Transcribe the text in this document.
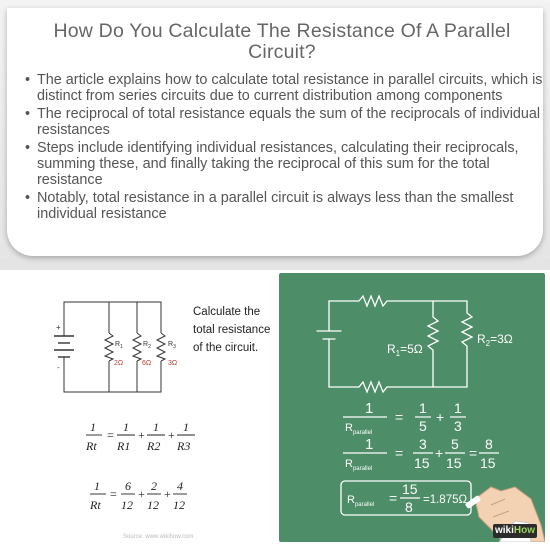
How Do You Calculate The Resistance Of A Parallel Circuit?
• The article explains how to calculate total resistance in parallel circuits, which is distinct from series circuits due to current distribution among components
• The reciprocal of total resistance equals the sum of the reciprocals of individual resistances
• Steps include identifying individual resistances, calculating their reciprocals, summing these, and finally taking the reciprocal of this sum for the total resistance
• Notably, total resistance in a parallel circuit is always less than the smallest individual resistance
+
-
$R_1$
2Ω
$R_2$
6Ω
$R_3$
3Ω
Calculate the
total resistance
of the circuit.
1
Rt
=
1
R1
+
1
R2
+
1
R3
1
Rt
=
6
12
+
2
12
+
4
12
Source: www.wikihow.com
$R_1=5\Omega$
$R_2=3\Omega$
1
$R_{parallel}$
=
1
5
+
1
3
1
$R_{parallel}$
=
3
15
+
5
15
=
8
15
$R_{parallel}$ =
15
8 =1.875Ω
wikiHow
